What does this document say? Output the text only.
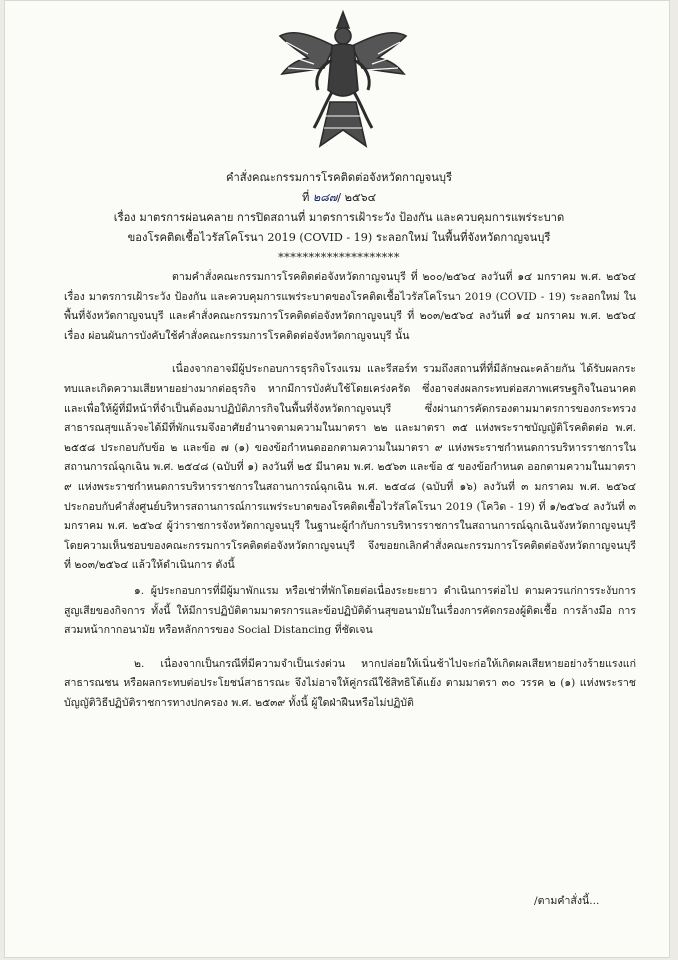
คำสั่งคณะกรรมการโรคติดต่อจังหวัดกาญจนบุรี
ที่ ๒๘๗/ ๒๕๖๔
เรื่อง มาตรการผ่อนคลาย การปิดสถานที่ มาตรการเฝ้าระวัง ป้องกัน และควบคุมการแพร่ระบาด
ของโรคติดเชื้อไวรัสโคโรนา 2019 (COVID - 19) ระลอกใหม่ ในพื้นที่จังหวัดกาญจนบุรี
********************

ตามคำสั่งคณะกรรมการโรคติดต่อจังหวัดกาญจนบุรี ที่ ๒๐๐/๒๕๖๔ ลงวันที่ ๑๔ มกราคม พ.ศ. ๒๕๖๔ เรื่อง มาตรการเฝ้าระวัง ป้องกัน และควบคุมการแพร่ระบาดของโรคติดเชื้อไวรัสโคโรนา 2019 (COVID - 19) ระลอกใหม่ ในพื้นที่จังหวัดกาญจนบุรี และคำสั่งคณะกรรมการโรคติดต่อจังหวัดกาญจนบุรี ที่ ๒๐๓/๒๕๖๔ ลงวันที่ ๑๔ มกราคม พ.ศ. ๒๕๖๔ เรื่อง ผ่อนผันการบังคับใช้คำสั่งคณะกรรมการโรคติดต่อจังหวัดกาญจนบุรี นั้น

เนื่องจากอาจมีผู้ประกอบการธุรกิจโรงแรม และรีสอร์ท รวมถึงสถานที่ที่มีลักษณะคล้ายกัน ได้รับผลกระทบและเกิดความเสียหายอย่างมากต่อธุรกิจ หากมีการบังคับใช้โดยเคร่งครัด ซึ่งอาจส่งผลกระทบต่อสภาพเศรษฐกิจในอนาคต และเพื่อให้ผู้ที่มีหน้าที่จำเป็นต้องมาปฏิบัติภารกิจในพื้นที่จังหวัดกาญจนบุรี ซึ่งผ่านการคัดกรองตามมาตรการของกระทรวงสาธารณสุขแล้วจะได้มีที่พักแรมจึงอาศัยอำนาจตามความในมาตรา ๒๒ และมาตรา ๓๕ แห่งพระราชบัญญัติโรคติดต่อ พ.ศ. ๒๕๕๘ ประกอบกับข้อ ๒ และข้อ ๗ (๑) ของข้อกำหนดออกตามความในมาตรา ๙ แห่งพระราชกำหนดการบริหารราชการในสถานการณ์ฉุกเฉิน พ.ศ. ๒๕๔๘ (ฉบับที่ ๑) ลงวันที่ ๒๕ มีนาคม พ.ศ. ๒๕๖๓ และข้อ ๕ ของข้อกำหนด ออกตามความในมาตรา ๙ แห่งพระราชกำหนดการบริหารราชการในสถานการณ์ฉุกเฉิน พ.ศ. ๒๕๔๘ (ฉบับที่ ๑๖) ลงวันที่ ๓ มกราคม พ.ศ. ๒๕๖๔ ประกอบกับคำสั่งศูนย์บริหารสถานการณ์การแพร่ระบาดของโรคติดเชื้อไวรัสโคโรนา 2019 (โควิด - 19) ที่ ๑/๒๕๖๔ ลงวันที่ ๓ มกราคม พ.ศ. ๒๕๖๔ ผู้ว่าราชการจังหวัดกาญจนบุรี ในฐานะผู้กำกับการบริหารราชการในสถานการณ์ฉุกเฉินจังหวัดกาญจนบุรี โดยความเห็นชอบของคณะกรรมการโรคติดต่อจังหวัดกาญจนบุรี จึงขอยกเลิกคำสั่งคณะกรรมการโรคติดต่อจังหวัดกาญจนบุรี ที่ ๒๐๓/๒๕๖๔ แล้วให้ดำเนินการ ดังนี้

๑. ผู้ประกอบการที่มีผู้มาพักแรม หรือเช่าที่พักโดยต่อเนื่องระยะยาว ดำเนินการต่อไป ตามควรแก่การระงับการสูญเสียของกิจการ ทั้งนี้ ให้มีการปฏิบัติตามมาตรการและข้อปฏิบัติด้านสุขอนามัยในเรื่องการคัดกรองผู้ติดเชื้อ การล้างมือ การสวมหน้ากากอนามัย หรือหลักการของ Social Distancing ที่ชัดเจน

๒. เนื่องจากเป็นกรณีที่มีความจำเป็นเร่งด่วน หากปล่อยให้เนิ่นช้าไปจะก่อให้เกิดผลเสียหายอย่างร้ายแรงแก่สาธารณชน หรือผลกระทบต่อประโยชน์สาธารณะ จึงไม่อาจให้คู่กรณีใช้สิทธิโต้แย้ง ตามมาตรา ๓๐ วรรค ๒ (๑) แห่งพระราชบัญญัติวิธีปฏิบัติราชการทางปกครอง พ.ศ. ๒๕๓๙ ทั้งนี้ ผู้ใดฝ่าฝืนหรือไม่ปฏิบัติ

/ตามคำสั่งนี้...
